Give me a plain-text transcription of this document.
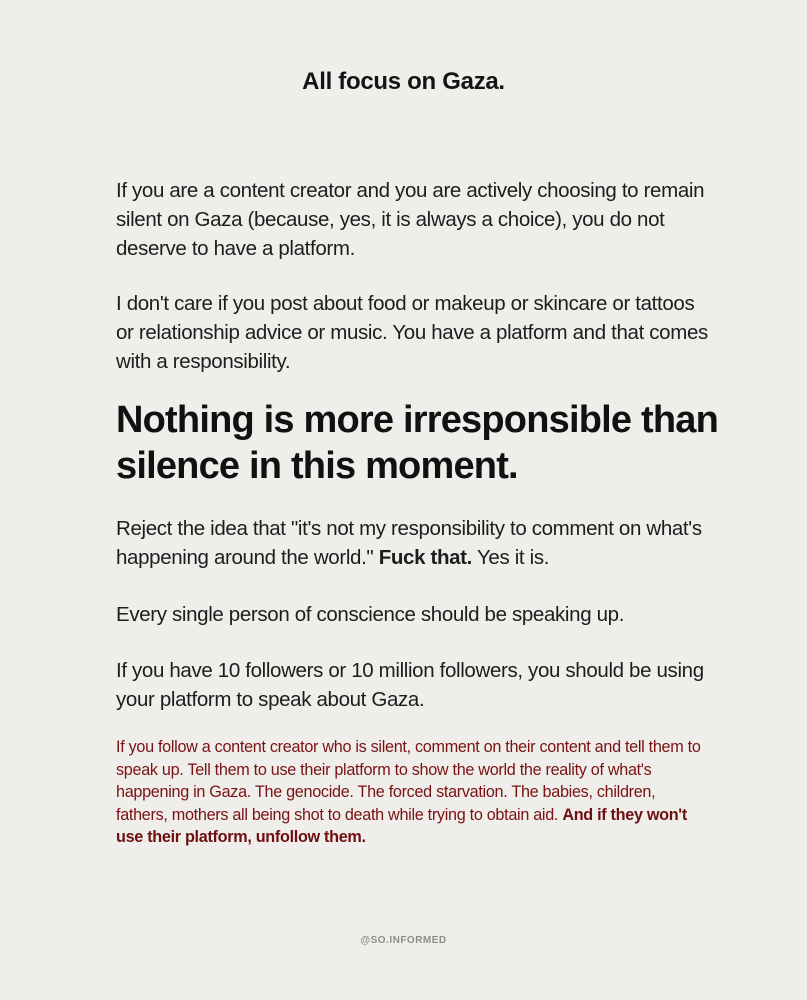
All focus on Gaza.

If you are a content creator and you are actively choosing to remain silent on Gaza (because, yes, it is always a choice), you do not deserve to have a platform.

I don't care if you post about food or makeup or skincare or tattoos or relationship advice or music. You have a platform and that comes with a responsibility.

Nothing is more irresponsible than silence in this moment.

Reject the idea that "it's not my responsibility to comment on what's happening around the world." Fuck that. Yes it is.

Every single person of conscience should be speaking up.

If you have 10 followers or 10 million followers, you should be using your platform to speak about Gaza.

If you follow a content creator who is silent, comment on their content and tell them to speak up. Tell them to use their platform to show the world the reality of what's happening in Gaza. The genocide. The forced starvation. The babies, children, fathers, mothers all being shot to death while trying to obtain aid. And if they won't use their platform, unfollow them.

@SO.INFORMED
